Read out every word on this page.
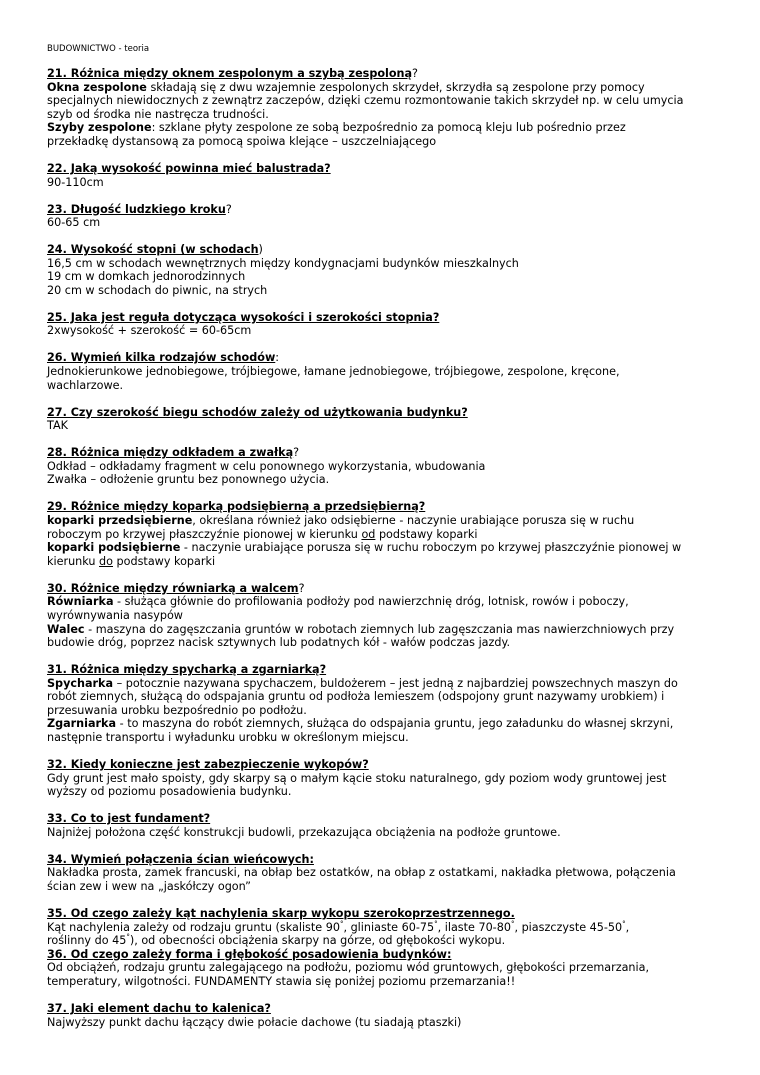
BUDOWNICTWO - teoria
21. Różnica między oknem zespolonym a szybą zespoloną?
Okna zespolone składają się z dwu wzajemnie zespolonych skrzydeł, skrzydła są zespolone przy pomocy
specjalnych niewidocznych z zewnątrz zaczepów, dzięki czemu rozmontowanie takich skrzydeł np. w celu umycia
szyb od środka nie nastręcza trudności.
Szyby zespolone: szklane płyty zespolone ze sobą bezpośrednio za pomocą kleju lub pośrednio przez
przekładkę dystansową za pomocą spoiwa klejące – uszczelniającego
22. Jaką wysokość powinna mieć balustrada?
90-110cm
23. Długość ludzkiego kroku?
60-65 cm
24. Wysokość stopni (w schodach)
16,5 cm w schodach wewnętrznych między kondygnacjami budynków mieszkalnych
19 cm w domkach jednorodzinnych
20 cm w schodach do piwnic, na strych
25. Jaka jest reguła dotycząca wysokości i szerokości stopnia?
2xwysokość + szerokość = 60-65cm
26. Wymień kilka rodzajów schodów:
Jednokierunkowe jednobiegowe, trójbiegowe, łamane jednobiegowe, trójbiegowe, zespolone, kręcone,
wachlarzowe.
27. Czy szerokość biegu schodów zależy od użytkowania budynku?
TAK
28. Różnica między odkładem a zwałką?
Odkład – odkładamy fragment w celu ponownego wykorzystania, wbudowania
Zwałka – odłożenie gruntu bez ponownego użycia.
29. Różnice między koparką podsiębierną a przedsiębierną?
koparki przedsiębierne, określana również jako odsiębierne - naczynie urabiające porusza się w ruchu
roboczym po krzywej płaszczyźnie pionowej w kierunku od podstawy koparki
koparki podsiębierne - naczynie urabiające porusza się w ruchu roboczym po krzywej płaszczyźnie pionowej w
kierunku do podstawy koparki
30. Różnice między równiarką a walcem?
Równiarka - służąca głównie do profilowania podłoży pod nawierzchnię dróg, lotnisk, rowów i poboczy,
wyrównywania nasypów
Walec - maszyna do zagęszczania gruntów w robotach ziemnych lub zagęszczania mas nawierzchniowych przy
budowie dróg, poprzez nacisk sztywnych lub podatnych kół - wałów podczas jazdy.
31. Różnica między spycharką a zgarniarką?
Spycharka – potocznie nazywana spychaczem, buldożerem – jest jedną z najbardziej powszechnych maszyn do
robót ziemnych, służącą do odspajania gruntu od podłoża lemieszem (odspojony grunt nazywamy urobkiem) i
przesuwania urobku bezpośrednio po podłożu.
Zgarniarka - to maszyna do robót ziemnych, służąca do odspajania gruntu, jego załadunku do własnej skrzyni,
następnie transportu i wyładunku urobku w określonym miejscu.
32. Kiedy konieczne jest zabezpieczenie wykopów?
Gdy grunt jest mało spoisty, gdy skarpy są o małym kącie stoku naturalnego, gdy poziom wody gruntowej jest
wyższy od poziomu posadowienia budynku.
33. Co to jest fundament?
Najniżej położona część konstrukcji budowli, przekazująca obciążenia na podłoże gruntowe.
34. Wymień połączenia ścian wieńcowych:
Nakładka prosta, zamek francuski, na obłap bez ostatków, na obłap z ostatkami, nakładka płetwowa, połączenia
ścian zew i wew na „jaskółczy ogon”
35. Od czego zależy kąt nachylenia skarp wykopu szerokoprzestrzennego.
Kąt nachylenia zależy od rodzaju gruntu (skaliste 90°, gliniaste 60-75°, ilaste 70-80°, piaszczyste 45-50°,
roślinny do 45°), od obecności obciążenia skarpy na górze, od głębokości wykopu.
36. Od czego zależy forma i głębokość posadowienia budynków:
Od obciążeń, rodzaju gruntu zalegającego na podłożu, poziomu wód gruntowych, głębokości przemarzania,
temperatury, wilgotności. FUNDAMENTY stawia się poniżej poziomu przemarzania!!
37. Jaki element dachu to kalenica?
Najwyższy punkt dachu łączący dwie połacie dachowe (tu siadają ptaszki)
